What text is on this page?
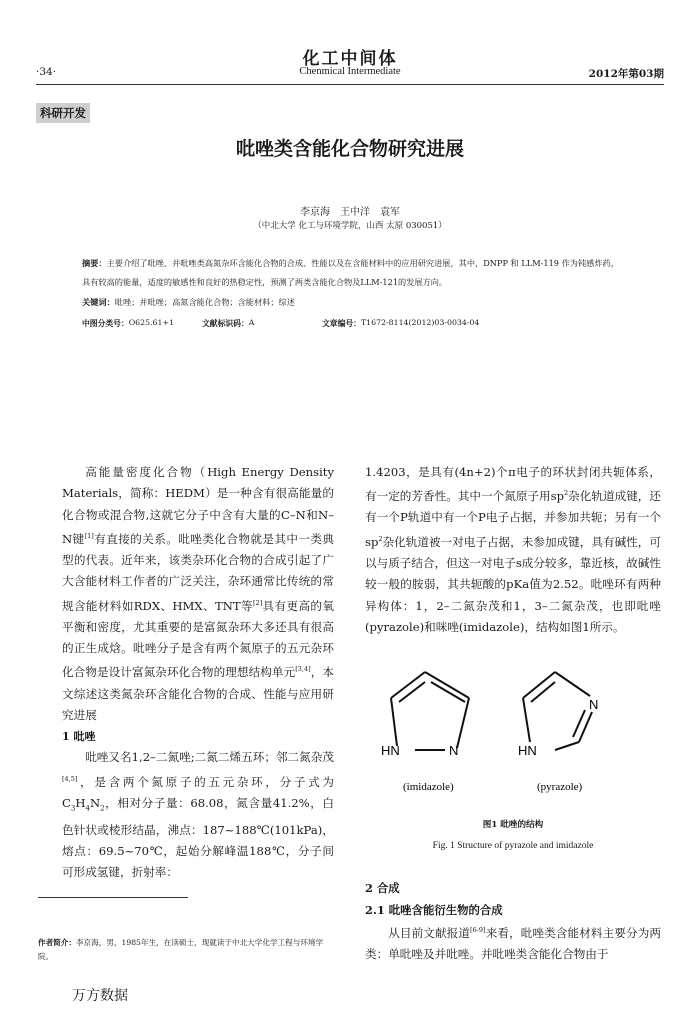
化工中间体
·34·	Chenmical Intermediate	2012年第03期
科研开发
吡唑类含能化合物研究进展
李京海　王中洋　袁军
（中北大学 化工与环境学院，山西 太原 030051）
摘要：主要介绍了吡唑、并吡唑类高氮杂环含能化合物的合成、性能以及在含能材料中的应用研究进展，其中，DNPP 和 LLM-119 作为钝感炸药，具有较高的能量，适度的敏感性和良好的热稳定性，预测了两类含能化合物及LLM-121的发展方向。
关键词：吡唑；并吡唑；高氮含能化合物；含能材料；综述
中图分类号： O625.61+1	文献标识码： A	文章编号： T1672-8114(2012)03-0034-04

高能量密度化合物（High Energy Density Materials，简称：HEDM）是一种含有很高能量的化合物或混合物,这就它分子中含有大量的C–N和N–N键[1]有直接的关系。吡唑类化合物就是其中一类典型的代表。近年来，该类杂环化合物的合成引起了广大含能材料工作者的广泛关注，杂环通常比传统的常规含能材料如RDX、HMX、TNT等[2]具有更高的氧平衡和密度，尤其重要的是富氮杂环大多还具有很高的正生成焓。吡唑分子是含有两个氮原子的五元杂环化合物是设计富氮杂环化合物的理想结构单元[3,4]，本文综述这类氮杂环含能化合物的合成、性能与应用研究进展

1 吡唑

吡唑又名1,2–二氮唑;二氮二烯五环；邻二氮杂茂[4,5]，是含两个氮原子的五元杂环，分子式为$C_3H_4N_2$，相对分子量：68.08，氮含量41.2%，白色针状或棱形结晶，沸点：187~188℃(101kPa)，熔点：69.5~70℃，起始分解峰温188℃，分子间可形成氢键，折射率：

1.4203，是具有(4n+2)个π电子的环状封闭共轭体系，有一定的芳香性。其中一个氮原子用$sp^2$杂化轨道成键，还有一个P轨道中有一个P电子占据，并参加共轭；另有一个$sp^2$杂化轨道被一对电子占据，未参加成键，具有碱性，可以与质子结合，但这一对电子s成分较多，靠近核，故碱性较一般的胺弱，其共轭酸的pKa值为2.52。吡唑环有两种异构体：1，2–二氮杂茂和1，3–二氮杂茂，也即吡唑(pyrazole)和咪唑(imidazole)，结构如图1所示。

N
HN
(imidazole)
N
HN
(pyrazole)
图1 吡唑的结构
Fig. 1 Structure of pyrazole and imidazole
2 合成
2.1 吡唑含能衍生物的合成

从目前文献报道[6-9]来看，吡唑类含能材料主要分为两类：单吡唑及并吡唑。并吡唑类含能化合物由于

作者简介：李京海，男，1985年生，在读硕士，现就读于中北大学化学工程与环境学院。
万方数据
